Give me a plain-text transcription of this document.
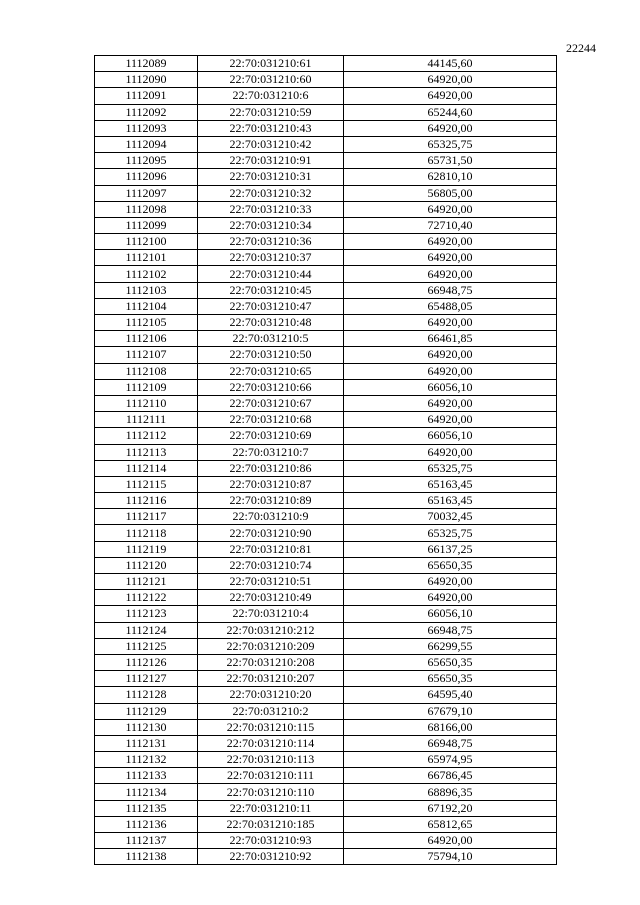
22244
1112089	22:70:031210:61	44145,60
1112090	22:70:031210:60	64920,00
1112091	22:70:031210:6	64920,00
1112092	22:70:031210:59	65244,60
1112093	22:70:031210:43	64920,00
1112094	22:70:031210:42	65325,75
1112095	22:70:031210:91	65731,50
1112096	22:70:031210:31	62810,10
1112097	22:70:031210:32	56805,00
1112098	22:70:031210:33	64920,00
1112099	22:70:031210:34	72710,40
1112100	22:70:031210:36	64920,00
1112101	22:70:031210:37	64920,00
1112102	22:70:031210:44	64920,00
1112103	22:70:031210:45	66948,75
1112104	22:70:031210:47	65488,05
1112105	22:70:031210:48	64920,00
1112106	22:70:031210:5	66461,85
1112107	22:70:031210:50	64920,00
1112108	22:70:031210:65	64920,00
1112109	22:70:031210:66	66056,10
1112110	22:70:031210:67	64920,00
1112111	22:70:031210:68	64920,00
1112112	22:70:031210:69	66056,10
1112113	22:70:031210:7	64920,00
1112114	22:70:031210:86	65325,75
1112115	22:70:031210:87	65163,45
1112116	22:70:031210:89	65163,45
1112117	22:70:031210:9	70032,45
1112118	22:70:031210:90	65325,75
1112119	22:70:031210:81	66137,25
1112120	22:70:031210:74	65650,35
1112121	22:70:031210:51	64920,00
1112122	22:70:031210:49	64920,00
1112123	22:70:031210:4	66056,10
1112124	22:70:031210:212	66948,75
1112125	22:70:031210:209	66299,55
1112126	22:70:031210:208	65650,35
1112127	22:70:031210:207	65650,35
1112128	22:70:031210:20	64595,40
1112129	22:70:031210:2	67679,10
1112130	22:70:031210:115	68166,00
1112131	22:70:031210:114	66948,75
1112132	22:70:031210:113	65974,95
1112133	22:70:031210:111	66786,45
1112134	22:70:031210:110	68896,35
1112135	22:70:031210:11	67192,20
1112136	22:70:031210:185	65812,65
1112137	22:70:031210:93	64920,00
1112138	22:70:031210:92	75794,10
